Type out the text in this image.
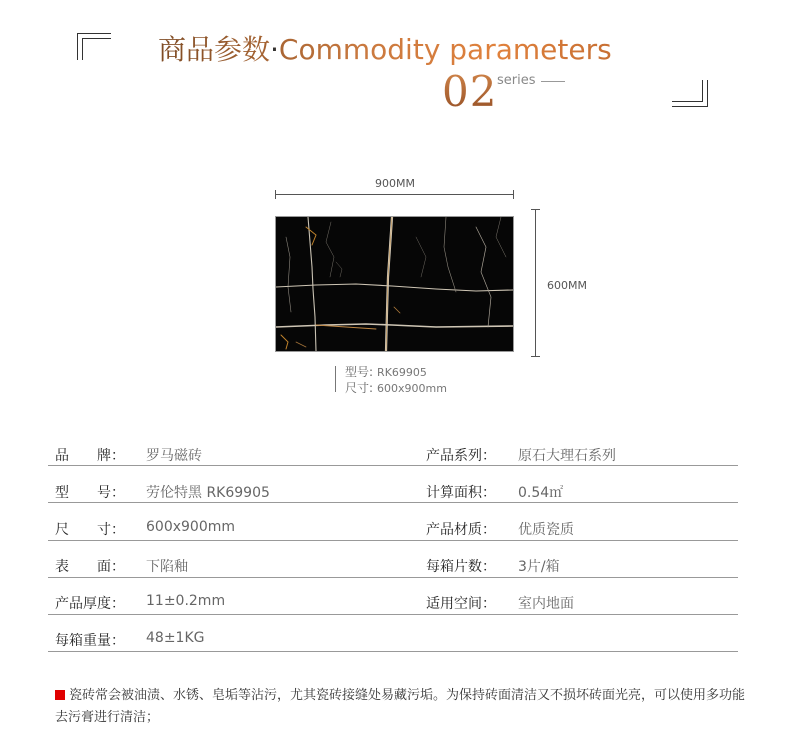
商品参数·Commodity parameters
02 series
900MM
600MM
型号: RK69905
尺寸: 600x900mm
品　　牌： 罗马磁砖	产品系列： 原石大理石系列
型　　号： 劳伦特黑 RK69905	计算面积： 0.54㎡
尺　　寸： 600x900mm	产品材质： 优质瓷质
表　　面： 下陷釉	每箱片数： 3片/箱
产品厚度： 11±0.2mm	适用空间： 室内地面
每箱重量： 48±1KG
瓷砖常会被油渍、水锈、皂垢等沾污，尤其瓷砖接缝处易藏污垢。为保持砖面清洁又不损坏砖面光亮，可以使用多功能去污膏进行清洁；
